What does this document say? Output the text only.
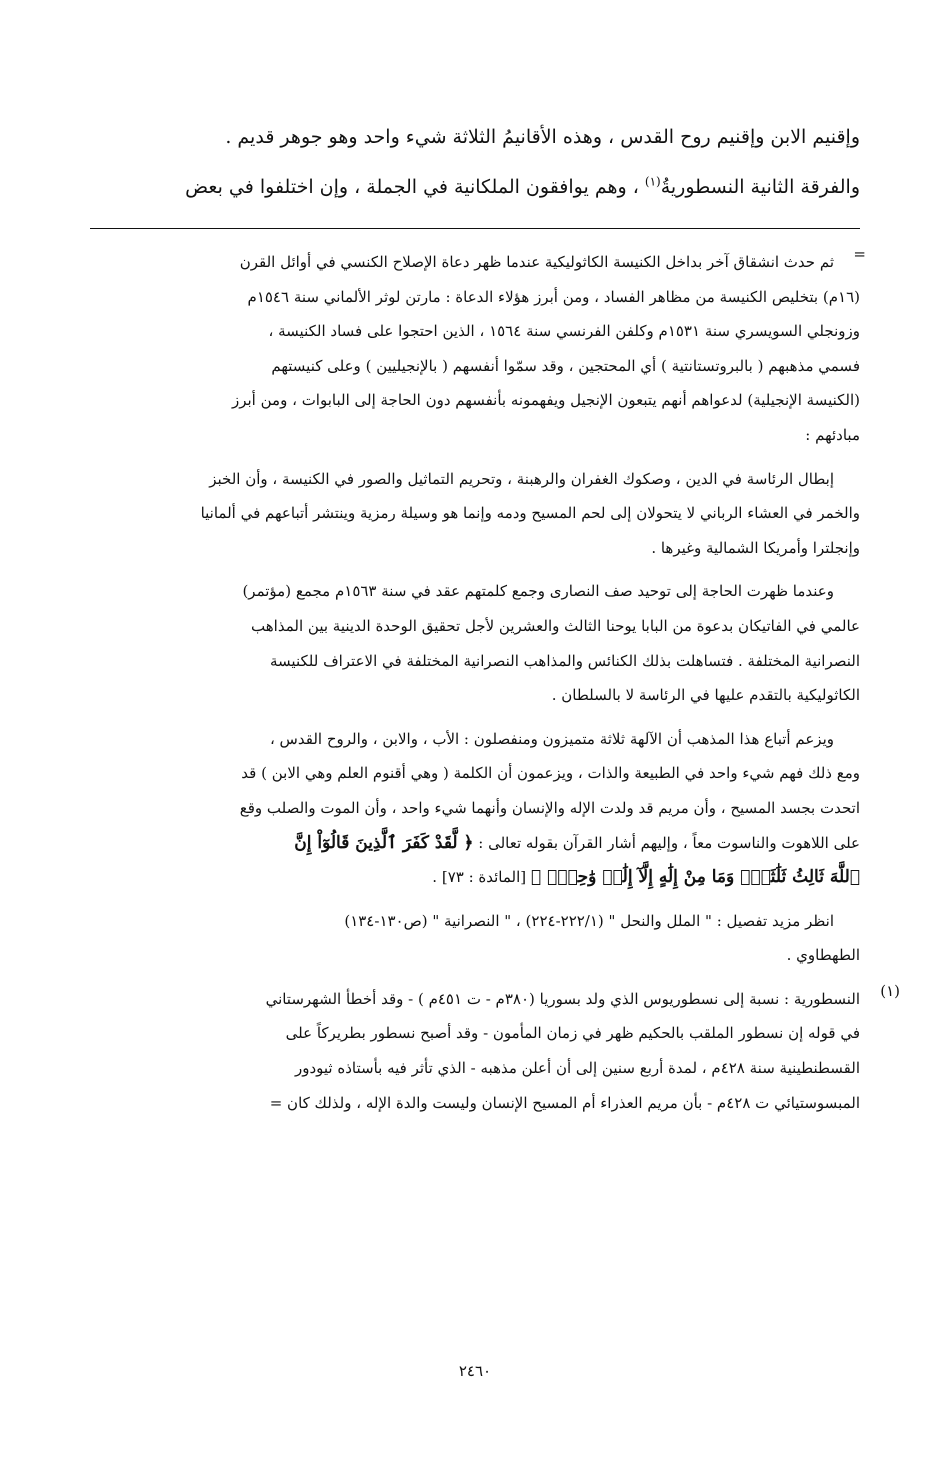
وإقنيم الابن وإقنيم روح القدس ، وهذه الأقانيمُ الثلاثة شيء واحد وهو جوهر قديم .

والفرقة الثانية النسطوريةُ$^{(١)}$ ، وهم يوافقون الملكانية في الجملة ، وإن اختلفوا في بعض

=
ثم حدث انشقاق آخر بداخل الكنيسة الكاثوليكية عندما ظهر دعاة الإصلاح الكنسي في أوائل القرن
(١٦م) بتخليص الكنيسة من مظاهر الفساد ، ومن أبرز هؤلاء الدعاة : مارتن لوثر الألماني سنة ١٥٤٦م
وزونجلي السويسري سنة ١٥٣١م وكلفن الفرنسي سنة ١٥٦٤ ، الذين احتجوا على فساد الكنيسة ،
فسمي مذهبهم ( بالبروتستانتية ) أي المحتجين ، وقد سمّوا أنفسهم ( بالإنجيليين ) وعلى كنيستهم
(الكنيسة الإنجيلية) لدعواهم أنهم يتبعون الإنجيل ويفهمونه بأنفسهم دون الحاجة إلى البابوات ، ومن أبرز
مبادئهم :
إبطال الرئاسة في الدين ، وصكوك الغفران والرهبنة ، وتحريم التماثيل والصور في الكنيسة ، وأن الخبز
والخمر في العشاء الرباني لا يتحولان إلى لحم المسيح ودمه وإنما هو وسيلة رمزية وينتشر أتباعهم في ألمانيا
وإنجلترا وأمريكا الشمالية وغيرها .
وعندما ظهرت الحاجة إلى توحيد صف النصارى وجمع كلمتهم عقد في سنة ١٥٦٣م مجمع (مؤتمر)
عالمي في الفاتيكان بدعوة من البابا يوحنا الثالث والعشرين لأجل تحقيق الوحدة الدينية بين المذاهب
النصرانية المختلفة . فتساهلت بذلك الكنائس والمذاهب النصرانية المختلفة في الاعتراف للكنيسة
الكاثوليكية بالتقدم عليها في الرئاسة لا بالسلطان .
ويزعم أتباع هذا المذهب أن الآلهة ثلاثة متميزون ومنفصلون : الأب ، والابن ، والروح القدس ،
ومع ذلك فهم شيء واحد في الطبيعة والذات ، ويزعمون أن الكلمة ( وهي أقنوم العلم وهي الابن ) قد
اتحدت بجسد المسيح ، وأن مريم قد ولدت الإله والإنسان وأنهما شيء واحد ، وأن الموت والصلب وقع
على اللاهوت والناسوت معاً ، وإليهم أشار القرآن بقوله تعالى : ﴿ لَّقَدْ كَفَرَ ٱلَّذِينَ قَالُوٓاْ إِنَّ
ٱللَّهَ ثَالِثُ ثَلَٰثَةٖۘ وَمَا مِنْ إِلَٰهٍ إِلَّآ إِلَٰهٞ وَٰحِدٞۚ ﴾ [المائدة : ٧٣] .
انظر مزيد تفصيل : " الملل والنحل " (٢٢٢/١-٢٢٤) ، " النصرانية " (ص١٣٠-١٣٤)
الطهطاوي .
(١)
النسطورية : نسبة إلى نسطوريوس الذي ولد بسوريا (٣٨٠م - ت ٤٥١م ) - وقد أخطأ الشهرستاني
في قوله إن نسطور الملقب بالحكيم ظهر في زمان المأمون - وقد أصبح نسطور بطريركاً على
القسطنطينية سنة ٤٢٨م ، لمدة أربع سنين إلى أن أعلن مذهبه - الذي تأثر فيه بأستاذه ثيودور
المبسوستيائي ت ٤٢٨م - بأن مريم العذراء أم المسيح الإنسان وليست والدة الإله ، ولذلك كان =
٢٤٦٠
